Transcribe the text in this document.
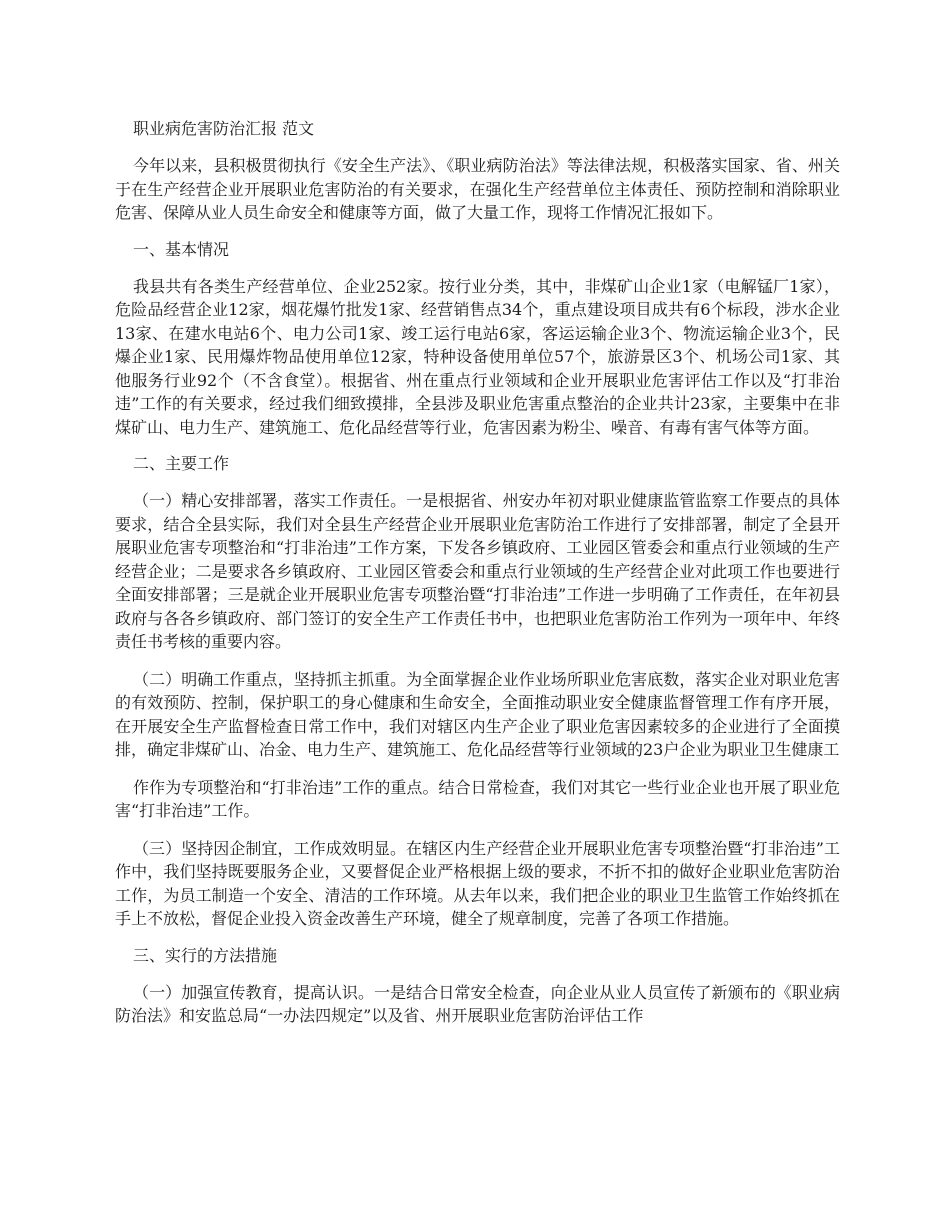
职业病危害防治汇报 范文

今年以来，县积极贯彻执行《安全生产法》、《职业病防治法》等法律法规，积极落实国家、省、州关于在生产经营企业开展职业危害防治的有关要求，在强化生产经营单位主体责任、预防控制和消除职业危害、保障从业人员生命安全和健康等方面，做了大量工作，现将工作情况汇报如下。

一、基本情况

我县共有各类生产经营单位、企业252家。按行业分类，其中，非煤矿山企业1家（电解锰厂1家），危险品经营企业12家，烟花爆竹批发1家、经营销售点34个，重点建设项目成共有6个标段，涉水企业13家、在建水电站6个、电力公司1家、竣工运行电站6家，客运运输企业3个、物流运输企业3个，民爆企业1家、民用爆炸物品使用单位12家，特种设备使用单位57个，旅游景区3个、机场公司1家、其他服务行业92个（不含食堂）。根据省、州在重点行业领域和企业开展职业危害评估工作以及“打非治违”工作的有关要求，经过我们细致摸排，全县涉及职业危害重点整治的企业共计23家，主要集中在非煤矿山、电力生产、建筑施工、危化品经营等行业，危害因素为粉尘、噪音、有毒有害气体等方面。

二、主要工作

（一）精心安排部署，落实工作责任。一是根据省、州安办年初对职业健康监管监察工作要点的具体要求，结合全县实际，我们对全县生产经营企业开展职业危害防治工作进行了安排部署，制定了全县开展职业危害专项整治和“打非治违”工作方案，下发各乡镇政府、工业园区管委会和重点行业领域的生产经营企业；二是要求各乡镇政府、工业园区管委会和重点行业领域的生产经营企业对此项工作也要进行全面安排部署；三是就企业开展职业危害专项整治暨“打非治违”工作进一步明确了工作责任，在年初县政府与各各乡镇政府、部门签订的安全生产工作责任书中，也把职业危害防治工作列为一项年中、年终责任书考核的重要内容。

（二）明确工作重点，坚持抓主抓重。为全面掌握企业作业场所职业危害底数，落实企业对职业危害的有效预防、控制，保护职工的身心健康和生命安全，全面推动职业安全健康监督管理工作有序开展，在开展安全生产监督检查日常工作中，我们对辖区内生产企业了职业危害因素较多的企业进行了全面摸排，确定非煤矿山、冶金、电力生产、建筑施工、危化品经营等行业领域的23户企业为职业卫生健康工

作作为专项整治和“打非治违”工作的重点。结合日常检查，我们对其它一些行业企业也开展了职业危害“打非治违”工作。

（三）坚持因企制宜，工作成效明显。在辖区内生产经营企业开展职业危害专项整治暨“打非治违”工作中，我们坚持既要服务企业，又要督促企业严格根据上级的要求，不折不扣的做好企业职业危害防治工作，为员工制造一个安全、清洁的工作环境。从去年以来，我们把企业的职业卫生监管工作始终抓在手上不放松，督促企业投入资金改善生产环境，健全了规章制度，完善了各项工作措施。

三、实行的方法措施

（一）加强宣传教育，提高认识。一是结合日常安全检查，向企业从业人员宣传了新颁布的《职业病防治法》和安监总局“一办法四规定”以及省、州开展职业危害防治评估工作
